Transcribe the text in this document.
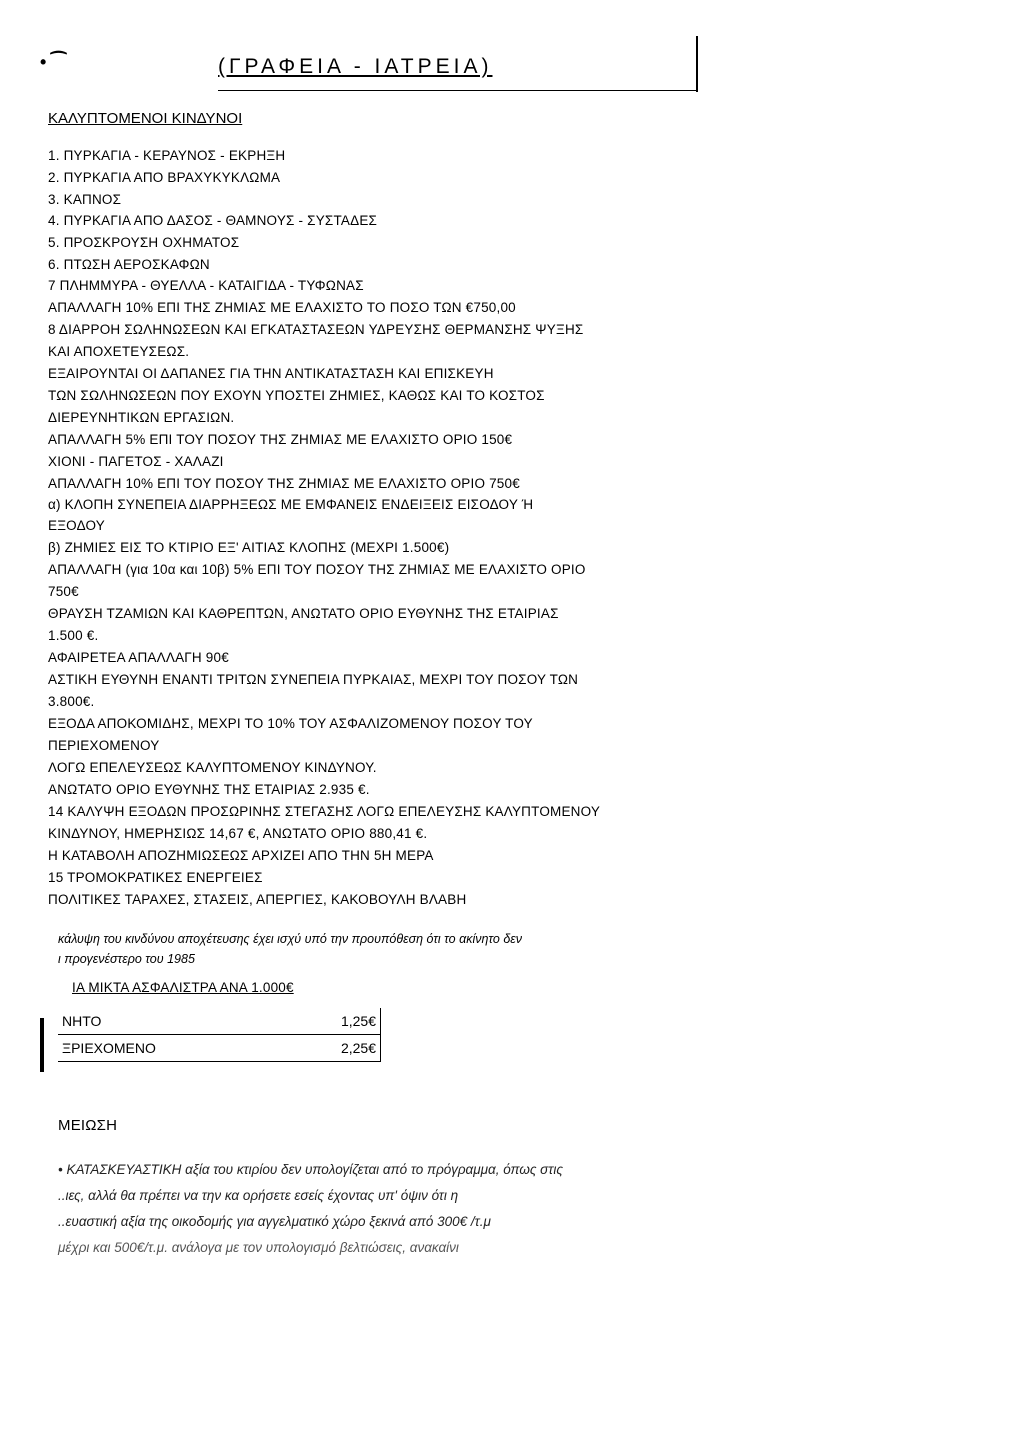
• ⁀	(ΓΡΑΦΕΙΑ - ΙΑΤΡΕΙΑ)
ΚΑΛΥΠΤΟΜΕΝΟΙ ΚΙΝΔΥΝΟΙ
1. ΠΥΡΚΑΓΙΑ - ΚΕΡΑΥΝΟΣ - ΕΚΡΗΞΗ
2. ΠΥΡΚΑΓΙΑ ΑΠΟ ΒΡΑΧΥΚΥΚΛΩΜΑ
3. ΚΑΠΝΟΣ
4. ΠΥΡΚΑΓΙΑ ΑΠΟ ΔΑΣΟΣ - ΘΑΜΝΟΥΣ - ΣΥΣΤΑΔΕΣ
5. ΠΡΟΣΚΡΟΥΣΗ ΟΧΗΜΑΤΟΣ
6. ΠΤΩΣΗ ΑΕΡΟΣΚΑΦΩΝ
7 ΠΛΗΜΜΥΡΑ - ΘΥΕΛΛΑ - ΚΑΤΑΙΓΙΔΑ - ΤΥΦΩΝΑΣ
ΑΠΑΛΛΑΓΗ 10% ΕΠΙ ΤΗΣ ΖΗΜΙΑΣ ΜΕ ΕΛΑΧΙΣΤΟ ΤΟ ΠΟΣΟ ΤΩΝ €750,00
8 ΔΙΑΡΡΟΗ ΣΩΛΗΝΩΣΕΩΝ ΚΑΙ ΕΓΚΑΤΑΣΤΑΣΕΩΝ ΥΔΡΕΥΣΗΣ ΘΕΡΜΑΝΣΗΣ ΨΥΞΗΣ
ΚΑΙ ΑΠΟΧΕΤΕΥΣΕΩΣ.
ΕΞΑΙΡΟΥΝΤΑΙ ΟΙ ΔΑΠΑΝΕΣ ΓΙΑ ΤΗΝ ΑΝΤΙΚΑΤΑΣΤΑΣΗ ΚΑΙ ΕΠΙΣΚΕΥΗ
ΤΩΝ ΣΩΛΗΝΩΣΕΩΝ ΠΟΥ ΕΧΟΥΝ ΥΠΟΣΤΕΙ ΖΗΜΙΕΣ, ΚΑΘΩΣ ΚΑΙ ΤΟ ΚΟΣΤΟΣ
ΔΙΕΡΕΥΝΗΤΙΚΩΝ ΕΡΓΑΣΙΩΝ.
ΑΠΑΛΛΑΓΗ 5% ΕΠΙ ΤΟΥ ΠΟΣΟΥ ΤΗΣ ΖΗΜΙΑΣ ΜΕ ΕΛΑΧΙΣΤΟ ΟΡΙΟ 150€
ΧΙΟΝΙ - ΠΑΓΕΤΟΣ - ΧΑΛΑΖΙ
ΑΠΑΛΛΑΓΗ 10% ΕΠΙ ΤΟΥ ΠΟΣΟΥ ΤΗΣ ΖΗΜΙΑΣ ΜΕ ΕΛΑΧΙΣΤΟ ΟΡΙΟ 750€
α) ΚΛΟΠΗ ΣΥΝΕΠΕΙΑ ΔΙΑΡΡΗΞΕΩΣ ΜΕ ΕΜΦΑΝΕΙΣ ΕΝΔΕΙΞΕΙΣ ΕΙΣΟΔΟΥ Ή
ΕΞΟΔΟΥ
β) ΖΗΜΙΕΣ ΕΙΣ ΤΟ ΚΤΙΡΙΟ ΕΞ' ΑΙΤΙΑΣ ΚΛΟΠΗΣ (ΜΕΧΡΙ 1.500€)
ΑΠΑΛΛΑΓΗ (για 10α και 10β) 5% ΕΠΙ ΤΟΥ ΠΟΣΟΥ ΤΗΣ ΖΗΜΙΑΣ ΜΕ ΕΛΑΧΙΣΤΟ ΟΡΙΟ
750€
ΘΡΑΥΣΗ ΤΖΑΜΙΩΝ ΚΑΙ ΚΑΘΡΕΠΤΩΝ, ΑΝΩΤΑΤΟ ΟΡΙΟ ΕΥΘΥΝΗΣ ΤΗΣ ΕΤΑΙΡΙΑΣ
1.500 €.
ΑΦΑΙΡΕΤΕΑ ΑΠΑΛΛΑΓΗ 90€
ΑΣΤΙΚΗ ΕΥΘΥΝΗ ΕΝΑΝΤΙ ΤΡΙΤΩΝ ΣΥΝΕΠΕΙΑ ΠΥΡΚΑΙΑΣ, ΜΕΧΡΙ ΤΟΥ ΠΟΣΟΥ ΤΩΝ
3.800€.
ΕΞΟΔΑ ΑΠΟΚΟΜΙΔΗΣ, ΜΕΧΡΙ ΤΟ 10% ΤΟΥ ΑΣΦΑΛΙΖΟΜΕΝΟΥ ΠΟΣΟΥ ΤΟΥ
ΠΕΡΙΕΧΟΜΕΝΟΥ
ΛΟΓΩ ΕΠΕΛΕΥΣΕΩΣ ΚΑΛΥΠΤΟΜΕΝΟΥ ΚΙΝΔΥΝΟΥ.
ΑΝΩΤΑΤΟ ΟΡΙΟ ΕΥΘΥΝΗΣ ΤΗΣ ΕΤΑΙΡΙΑΣ 2.935 €.
14 ΚΑΛΥΨΗ ΕΞΟΔΩΝ ΠΡΟΣΩΡΙΝΗΣ ΣΤΕΓΑΣΗΣ ΛΟΓΩ ΕΠΕΛΕΥΣΗΣ ΚΑΛΥΠΤΟΜΕΝΟΥ
ΚΙΝΔΥΝΟΥ, ΗΜΕΡΗΣΙΩΣ 14,67 €, ΑΝΩΤΑΤΟ ΟΡΙΟ 880,41 €.
Η ΚΑΤΑΒΟΛΗ ΑΠΟΖΗΜΙΩΣΕΩΣ ΑΡΧΙΖΕΙ ΑΠΟ ΤΗΝ 5Η ΜΕΡΑ
15 ΤΡΟΜΟΚΡΑΤΙΚΕΣ ΕΝΕΡΓΕΙΕΣ
ΠΟΛΙΤΙΚΕΣ ΤΑΡΑΧΕΣ, ΣΤΑΣΕΙΣ, ΑΠΕΡΓΙΕΣ, ΚΑΚΟΒΟΥΛΗ ΒΛΑΒΗ
κάλυψη του κινδύνου αποχέτευσης έχει ισχύ υπό την προυπόθεση ότι το ακίνητο δεν
ι προγενέστερο του 1985
ΙΑ ΜΙΚΤΑ ΑΣΦΑΛΙΣΤΡΑ ΑΝΑ 1.000€
ΝΗΤΟ	1,25€
ΞΡΙΕΧΟΜΕΝΟ	2,25€
ΜΕΙΩΣΗ
• ΚΑΤΑΣΚΕΥΑΣΤΙΚΗ αξία του κτιρίου δεν υπολογίζεται από το πρόγραμμα, όπως στις
..ιες, αλλά θα πρέπει να την κα ορήσετε εσείς έχοντας υπ' όψιν ότι η
..ευαστική αξία της οικοδομής για αγγελματικό χώρο ξεκινά από 300€ /τ.μ
μέχρι και 500€/τ.μ. ανάλογα με τον υπολογισμό βελτιώσεις, ανακαίνι
